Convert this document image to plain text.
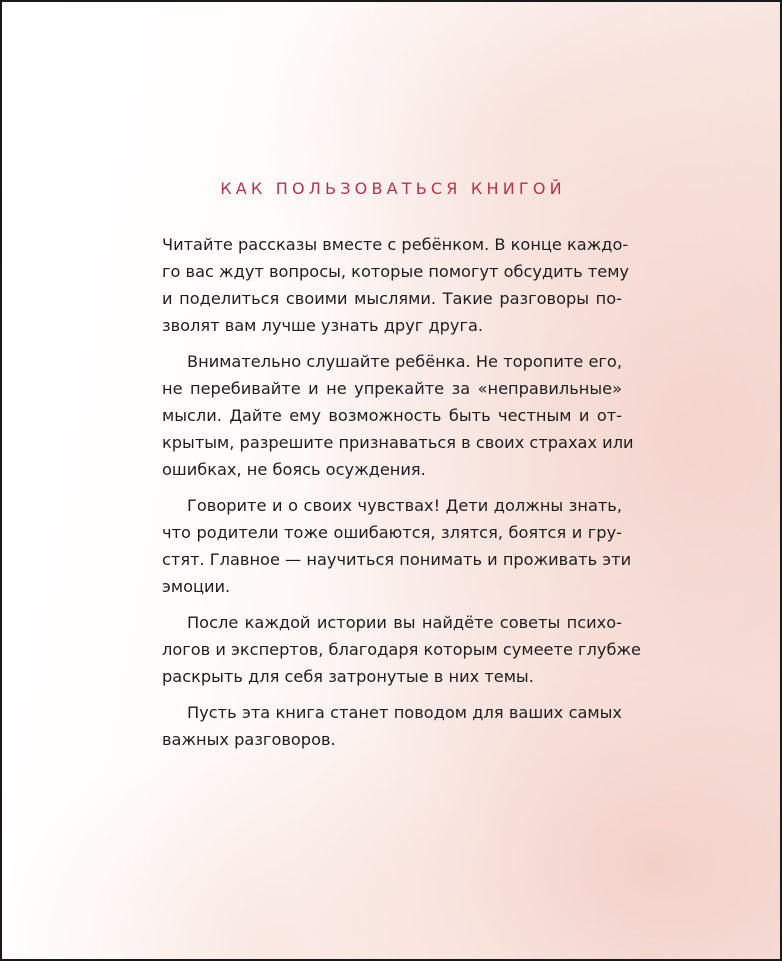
КАК ПОЛЬЗОВАТЬСЯ КНИГОЙ

Читайте рассказы вместе с ребёнком. В конце каждо-
го вас ждут вопросы, которые помогут обсудить тему
и поделиться своими мыслями. Такие разговоры по-
зволят вам лучше узнать друг друга.

Внимательно слушайте ребёнка. Не торопите его,
не перебивайте и не упрекайте за «неправильные»
мысли. Дайте ему возможность быть честным и от-
крытым, разрешите признаваться в своих страхах или
ошибках, не боясь осуждения.

Говорите и о своих чувствах! Дети должны знать,
что родители тоже ошибаются, злятся, боятся и гру-
стят. Главное — научиться понимать и проживать эти
эмоции.

После каждой истории вы найдёте советы психо-
логов и экспертов, благодаря которым сумеете глубже
раскрыть для себя затронутые в них темы.

Пусть эта книга станет поводом для ваших самых
важных разговоров.
